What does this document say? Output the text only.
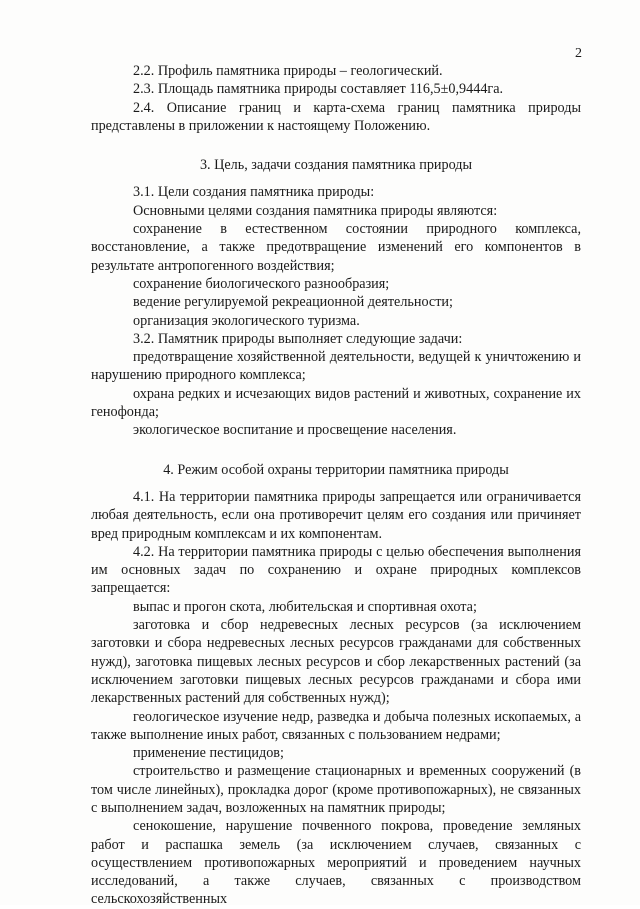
2

2.2. Профиль памятника природы – геологический.

2.3. Площадь памятника природы составляет 116,5±0,9444га.

2.4. Описание границ и карта-схема границ памятника природы представлены в приложении к настоящему Положению.

3. Цель, задачи создания памятника природы

3.1. Цели создания памятника природы:

Основными целями создания памятника природы являются:

сохранение в естественном состоянии природного комплекса, восстановление, а также предотвращение изменений его компонентов в результате антропогенного воздействия;

сохранение биологического разнообразия;

ведение регулируемой рекреационной деятельности;

организация экологического туризма.

3.2. Памятник природы выполняет следующие задачи:

предотвращение хозяйственной деятельности, ведущей к уничтожению и нарушению природного комплекса;

охрана редких и исчезающих видов растений и животных, сохранение их генофонда;

экологическое воспитание и просвещение населения.

4. Режим особой охраны территории памятника природы

4.1. На территории памятника природы запрещается или ограничивается любая деятельность, если она противоречит целям его создания или причиняет вред природным комплексам и их компонентам.

4.2. На территории памятника природы с целью обеспечения выполнения им основных задач по сохранению и охране природных комплексов запрещается:

выпас и прогон скота, любительская и спортивная охота;

заготовка и сбор недревесных лесных ресурсов (за исключением заготовки и сбора недревесных лесных ресурсов гражданами для собственных нужд), заготовка пищевых лесных ресурсов и сбор лекарственных растений (за исключением заготовки пищевых лесных ресурсов гражданами и сбора ими лекарственных растений для собственных нужд);

геологическое изучение недр, разведка и добыча полезных ископаемых, а также выполнение иных работ, связанных с пользованием недрами;

применение пестицидов;

строительство и размещение стационарных и временных сооружений (в том числе линейных), прокладка дорог (кроме противопожарных), не связанных с выполнением задач, возложенных на памятник природы;

сенокошение, нарушение почвенного покрова, проведение земляных работ и распашка земель (за исключением случаев, связанных с осуществлением противопожарных мероприятий и проведением научных исследований, а также случаев, связанных с производством сельскохозяйственных
